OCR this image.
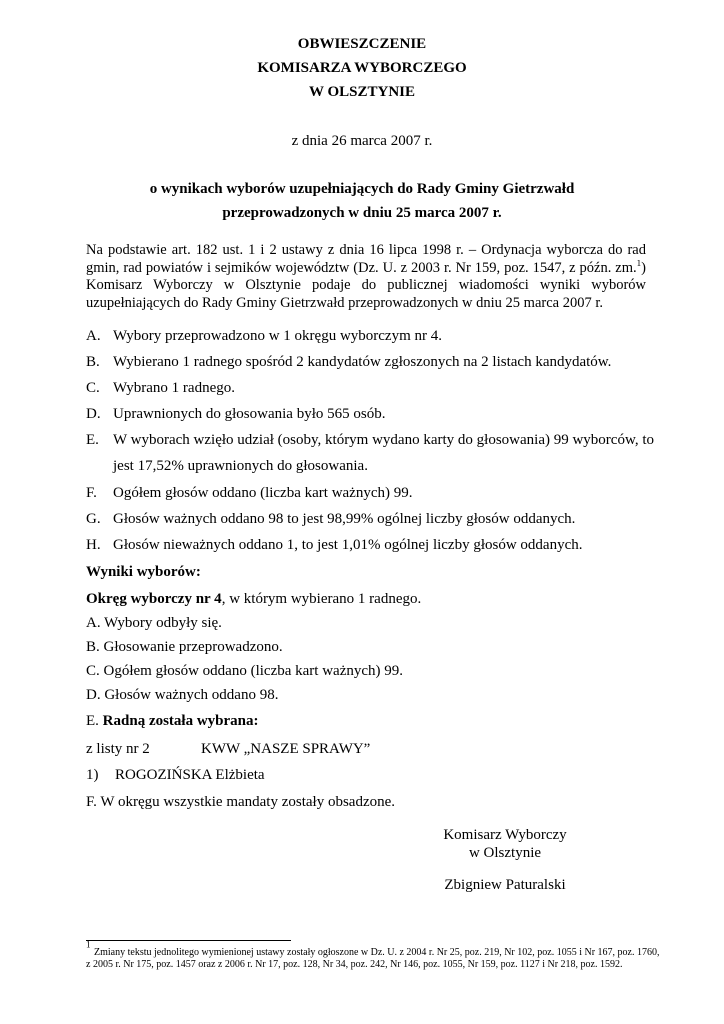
OBWIESZCZENIE
KOMISARZA WYBORCZEGO
W OLSZTYNIE
z dnia 26 marca 2007 r.
o wynikach wyborów uzupełniających do Rady Gminy Gietrzwałd
przeprowadzonych w dniu 25 marca 2007 r.
Na podstawie art. 182 ust. 1 i 2 ustawy z dnia 16 lipca 1998 r. – Ordynacja wyborcza do rad
gmin, rad powiatów i sejmików województw (Dz. U. z 2003 r. Nr 159, poz. 1547, z późn. zm.$^1$)
Komisarz Wyborczy w Olsztynie podaje do publicznej wiadomości wyniki wyborów
uzupełniających do Rady Gminy Gietrzwałd przeprowadzonych w dniu 25 marca 2007 r.
A. Wybory przeprowadzono w 1 okręgu wyborczym nr 4.
B. Wybierano 1 radnego spośród 2 kandydatów zgłoszonych na 2 listach kandydatów.
C. Wybrano 1 radnego.
D. Uprawnionych do głosowania było 565 osób.
E. W wyborach wzięło udział (osoby, którym wydano karty do głosowania) 99 wyborców, to
jest 17,52% uprawnionych do głosowania.
F. Ogółem głosów oddano (liczba kart ważnych) 99.
G. Głosów ważnych oddano 98 to jest 98,99% ogólnej liczby głosów oddanych.
H. Głosów nieważnych oddano 1, to jest 1,01% ogólnej liczby głosów oddanych.
Wyniki wyborów:
Okręg wyborczy nr 4, w którym wybierano 1 radnego.
A. Wybory odbyły się.
B. Głosowanie przeprowadzono.
C. Ogółem głosów oddano (liczba kart ważnych) 99.
D. Głosów ważnych oddano 98.
E. Radną została wybrana:
z listy nr 2	KWW „NASZE SPRAWY”
1) ROGOZIŃSKA Elżbieta
F. W okręgu wszystkie mandaty zostały obsadzone.
Komisarz Wyborczy
w Olsztynie
Zbigniew Paturalski
$^1$
Zmiany tekstu jednolitego wymienionej ustawy zostały ogłoszone w Dz. U. z 2004 r. Nr 25, poz. 219, Nr 102, poz. 1055 i Nr 167, poz. 1760,
z 2005 r. Nr 175, poz. 1457 oraz z 2006 r. Nr 17, poz. 128, Nr 34, poz. 242, Nr 146, poz. 1055, Nr 159, poz. 1127 i Nr 218, poz. 1592.
